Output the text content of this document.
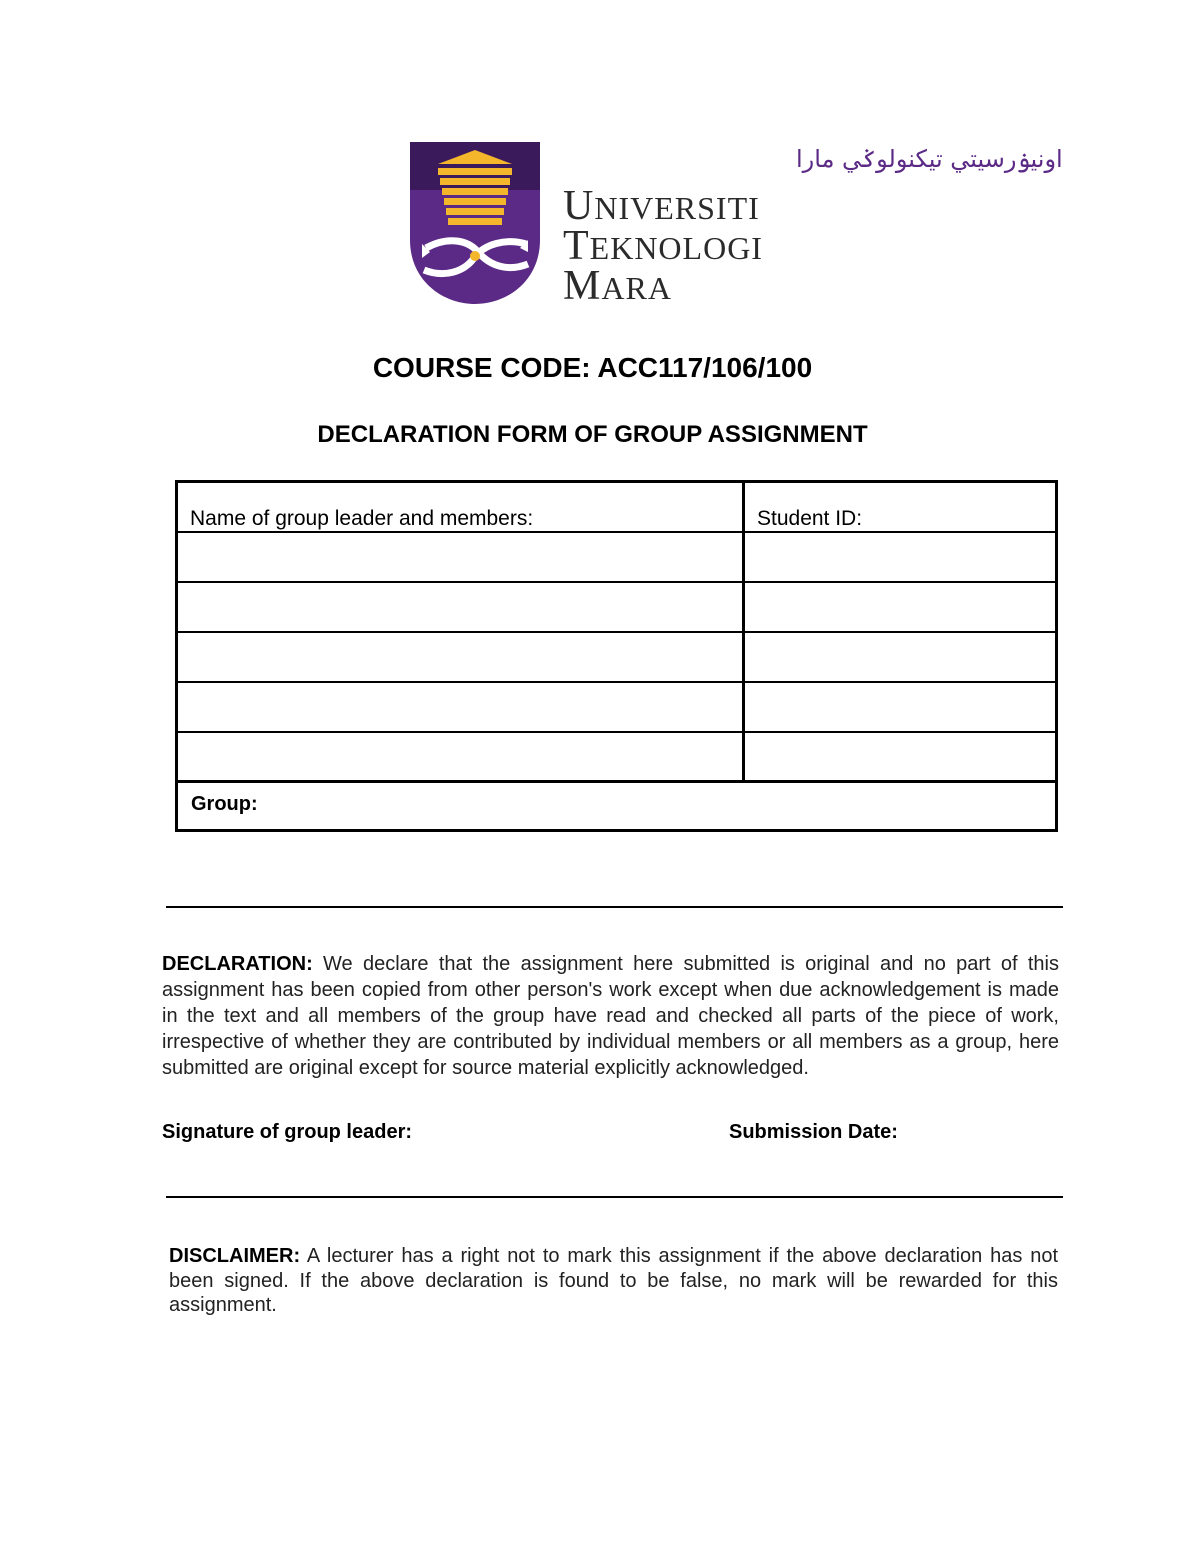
اونيۏرسيتي تيكنولوݢي مارا
UNIVERSITI
TEKNOLOGI
MARA
COURSE CODE: ACC117/106/100
DECLARATION FORM OF GROUP ASSIGNMENT
Name of group leader and members:	Student ID:
Group:

DECLARATION: We declare that the assignment here submitted is original and no part of this assignment has been copied from other person's work except when due acknowledgement is made in the text and all members of the group have read and checked all parts of the piece of work, irrespective of whether they are contributed by individual members or all members as a group, here submitted are original except for source material explicitly acknowledged.

Signature of group leader:	Submission Date:

DISCLAIMER: A lecturer has a right not to mark this assignment if the above declaration has not been signed. If the above declaration is found to be false, no mark will be rewarded for this assignment.
